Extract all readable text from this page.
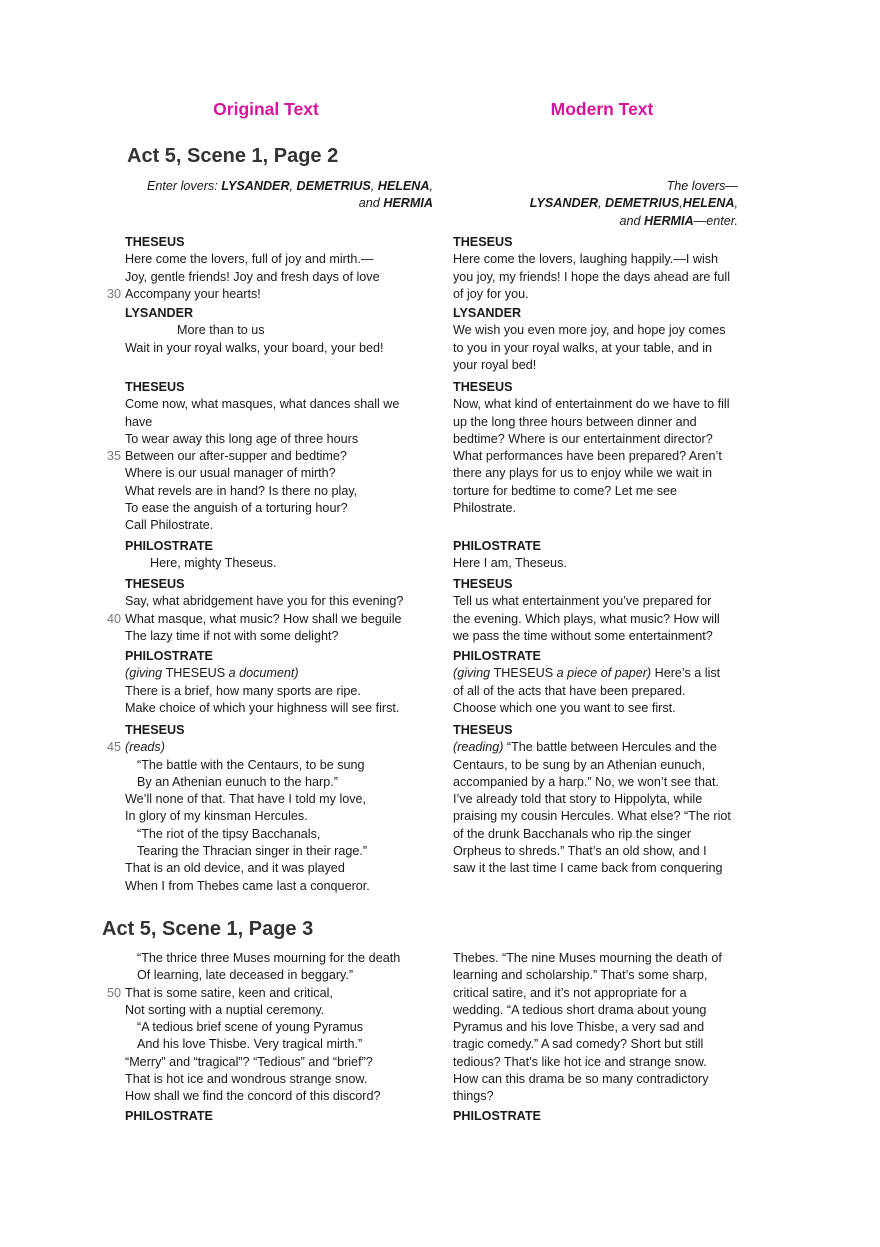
Original Text	Modern Text
Act 5, Scene 1, Page 2
Act 5, Scene 1, Page 3
Enter lovers: LYSANDER, DEMETRIUS, HELENA,
and HERMIA
The lovers—
LYSANDER, DEMETRIUS,HELENA,
and HERMIA—enter.
THESEUS
Here come the lovers, full of joy and mirth.—
Joy, gentle friends! Joy and fresh days of love
30 Accompany your hearts!
THESEUS
Here come the lovers, laughing happily.—I wish
you joy, my friends! I hope the days ahead are full
of joy for you.
LYSANDER
More than to us
Wait in your royal walks, your board, your bed!
LYSANDER
We wish you even more joy, and hope joy comes
to you in your royal walks, at your table, and in
your royal bed!
THESEUS
Come now, what masques, what dances shall we
have
To wear away this long age of three hours
35 Between our after-supper and bedtime?
Where is our usual manager of mirth?
What revels are in hand? Is there no play,
To ease the anguish of a torturing hour?
Call Philostrate.
THESEUS
Now, what kind of entertainment do we have to fill
up the long three hours between dinner and
bedtime? Where is our entertainment director?
What performances have been prepared? Aren’t
there any plays for us to enjoy while we wait in
torture for bedtime to come? Let me see
Philostrate.
PHILOSTRATE
Here, mighty Theseus.
PHILOSTRATE
Here I am, Theseus.
THESEUS
Say, what abridgement have you for this evening?
40 What masque, what music? How shall we beguile
The lazy time if not with some delight?
THESEUS
Tell us what entertainment you’ve prepared for
the evening. Which plays, what music? How will
we pass the time without some entertainment?
PHILOSTRATE
(giving THESEUS a document)
There is a brief, how many sports are ripe.
Make choice of which your highness will see first.
PHILOSTRATE
(giving THESEUS a piece of paper) Here’s a list
of all of the acts that have been prepared.
Choose which one you want to see first.
THESEUS
45 (reads)
“The battle with the Centaurs, to be sung
By an Athenian eunuch to the harp.”
We’ll none of that. That have I told my love,
In glory of my kinsman Hercules.
“The riot of the tipsy Bacchanals,
Tearing the Thracian singer in their rage.”
That is an old device, and it was played
When I from Thebes came last a conqueror.
THESEUS
(reading) “The battle between Hercules and the
Centaurs, to be sung by an Athenian eunuch,
accompanied by a harp.” No, we won’t see that.
I’ve already told that story to Hippolyta, while
praising my cousin Hercules. What else? “The riot
of the drunk Bacchanals who rip the singer
Orpheus to shreds.” That’s an old show, and I
saw it the last time I came back from conquering
“The thrice three Muses mourning for the death
Of learning, late deceased in beggary.”
50 That is some satire, keen and critical,
Not sorting with a nuptial ceremony.
“A tedious brief scene of young Pyramus
And his love Thisbe. Very tragical mirth.”
“Merry” and “tragical”? “Tedious” and “brief”?
That is hot ice and wondrous strange snow.
How shall we find the concord of this discord?
Thebes. “The nine Muses mourning the death of
learning and scholarship.” That’s some sharp,
critical satire, and it’s not appropriate for a
wedding. “A tedious short drama about young
Pyramus and his love Thisbe, a very sad and
tragic comedy.” A sad comedy? Short but still
tedious? That’s like hot ice and strange snow.
How can this drama be so many contradictory
things?
PHILOSTRATE	PHILOSTRATE
